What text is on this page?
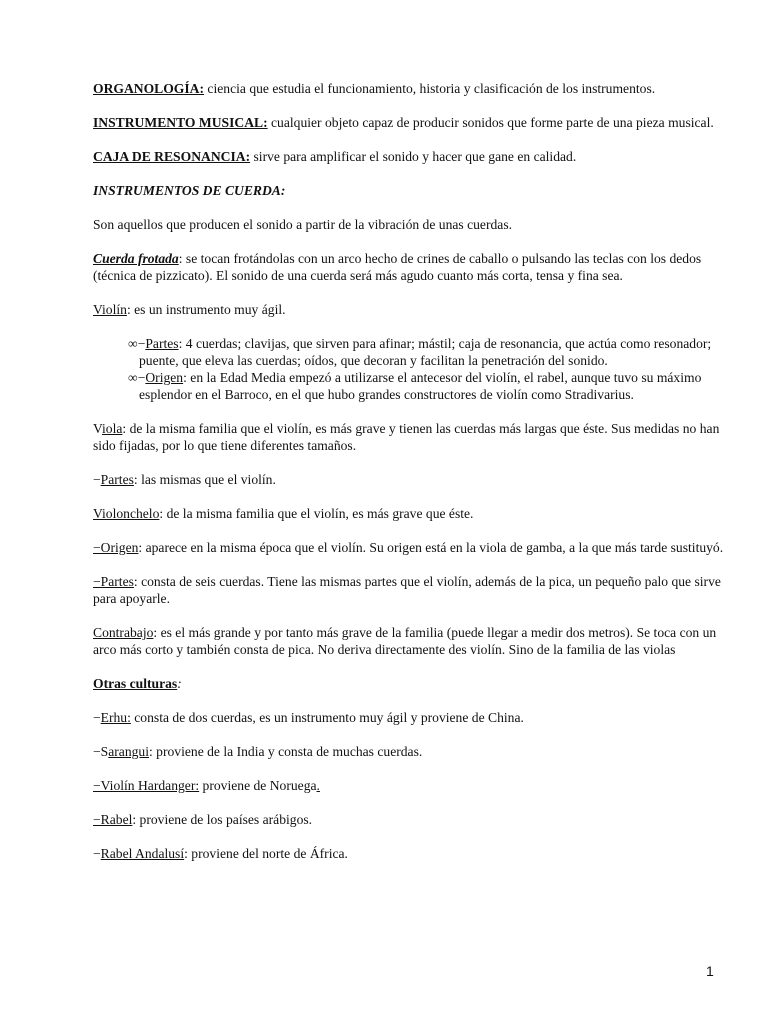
ORGANOLOGÍA: ciencia que estudia el funcionamiento, historia y clasificación de los instrumentos.

INSTRUMENTO MUSICAL: cualquier objeto capaz de producir sonidos que forme parte de una pieza musical.

CAJA DE RESONANCIA: sirve para amplificar el sonido y hacer que gane en calidad.

INSTRUMENTOS DE CUERDA:

Son aquellos que producen el sonido a partir de la vibración de unas cuerdas.

Cuerda frotada: se tocan frotándolas con un arco hecho de crines de caballo o pulsando las teclas con los dedos (técnica de pizzicato). El sonido de una cuerda será más agudo cuanto más corta, tensa y fina sea.

Violín: es un instrumento muy ágil.

∞−Partes: 4 cuerdas; clavijas, que sirven para afinar; mástil; caja de resonancia, que actúa como resonador; puente, que eleva las cuerdas; oídos, que decoran y facilitan la penetración del sonido.

∞−Origen: en la Edad Media empezó a utilizarse el antecesor del violín, el rabel, aunque tuvo su máximo esplendor en el Barroco, en el que hubo grandes constructores de violín como Stradivarius.

Viola: de la misma familia que el violín, es más grave y tienen las cuerdas más largas que éste. Sus medidas no han sido fijadas, por lo que tiene diferentes tamaños.

−Partes: las mismas que el violín.

Violonchelo: de la misma familia que el violín, es más grave que éste.

−Origen: aparece en la misma época que el violín. Su origen está en la viola de gamba, a la que más tarde sustituyó.

−Partes: consta de seis cuerdas. Tiene las mismas partes que el violín, además de la pica, un pequeño palo que sirve para apoyarle.

Contrabajo: es el más grande y por tanto más grave de la familia (puede llegar a medir dos metros). Se toca con un arco más corto y también consta de pica. No deriva directamente des violín. Sino de la familia de las violas

Otras culturas:

−Erhu: consta de dos cuerdas, es un instrumento muy ágil y proviene de China.

−Sarangui: proviene de la India y consta de muchas cuerdas.

−Violín Hardanger: proviene de Noruega.

−Rabel: proviene de los países arábigos.

−Rabel Andalusí: proviene del norte de África.

1
